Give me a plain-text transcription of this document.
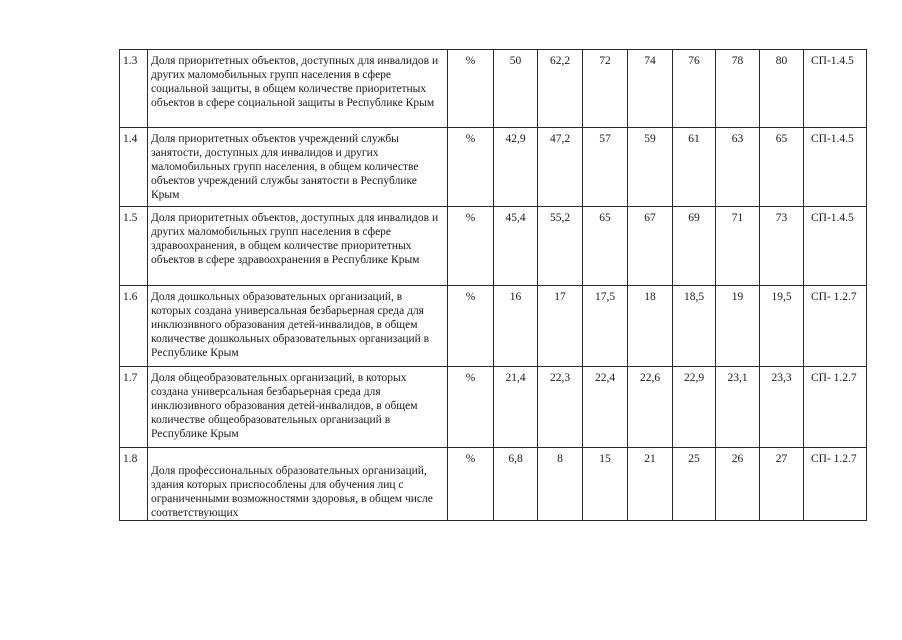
1.3	Доля приоритетных объектов, доступных для инвалидов и других маломобильных групп населения в сфере социальной защиты, в общем количестве приоритетных объектов в сфере социальной защиты в Республике Крым	%	50	62,2	72	74	76	78	80	СП-1.4.5
1.4	Доля приоритетных объектов учреждений службы занятости, доступных для инвалидов и других маломобильных групп населения, в общем количестве объектов учреждений службы занятости в Республике Крым	%	42,9	47,2	57	59	61	63	65	СП-1.4.5
1.5	Доля приоритетных объектов, доступных для инвалидов и других маломобильных групп населения в сфере здравоохранения, в общем количестве приоритетных объектов в сфере здравоохранения в Республике Крым	%	45,4	55,2	65	67	69	71	73	СП-1.4.5
1.6	Доля дошкольных образовательных организаций, в которых создана универсальная безбарьерная среда для инклюзивного образования детей-инвалидов, в общем количестве дошкольных образовательных организаций в Республике Крым	%	16	17	17,5	18	18,5	19	19,5	СП- 1.2.7
1.7	Доля общеобразовательных организаций, в которых создана универсальная безбарьерная среда для инклюзивного образования детей-инвалидов, в общем количестве общеобразовательных организаций в Республике Крым	%	21,4	22,3	22,4	22,6	22,9	23,1	23,3	СП- 1.2.7
1.8	Доля профессиональных образовательных организаций, здания которых приспособлены для обучения лиц с ограниченными возможностями здоровья, в общем числе соответствующих	%	6,8	8	15	21	25	26	27	СП- 1.2.7
